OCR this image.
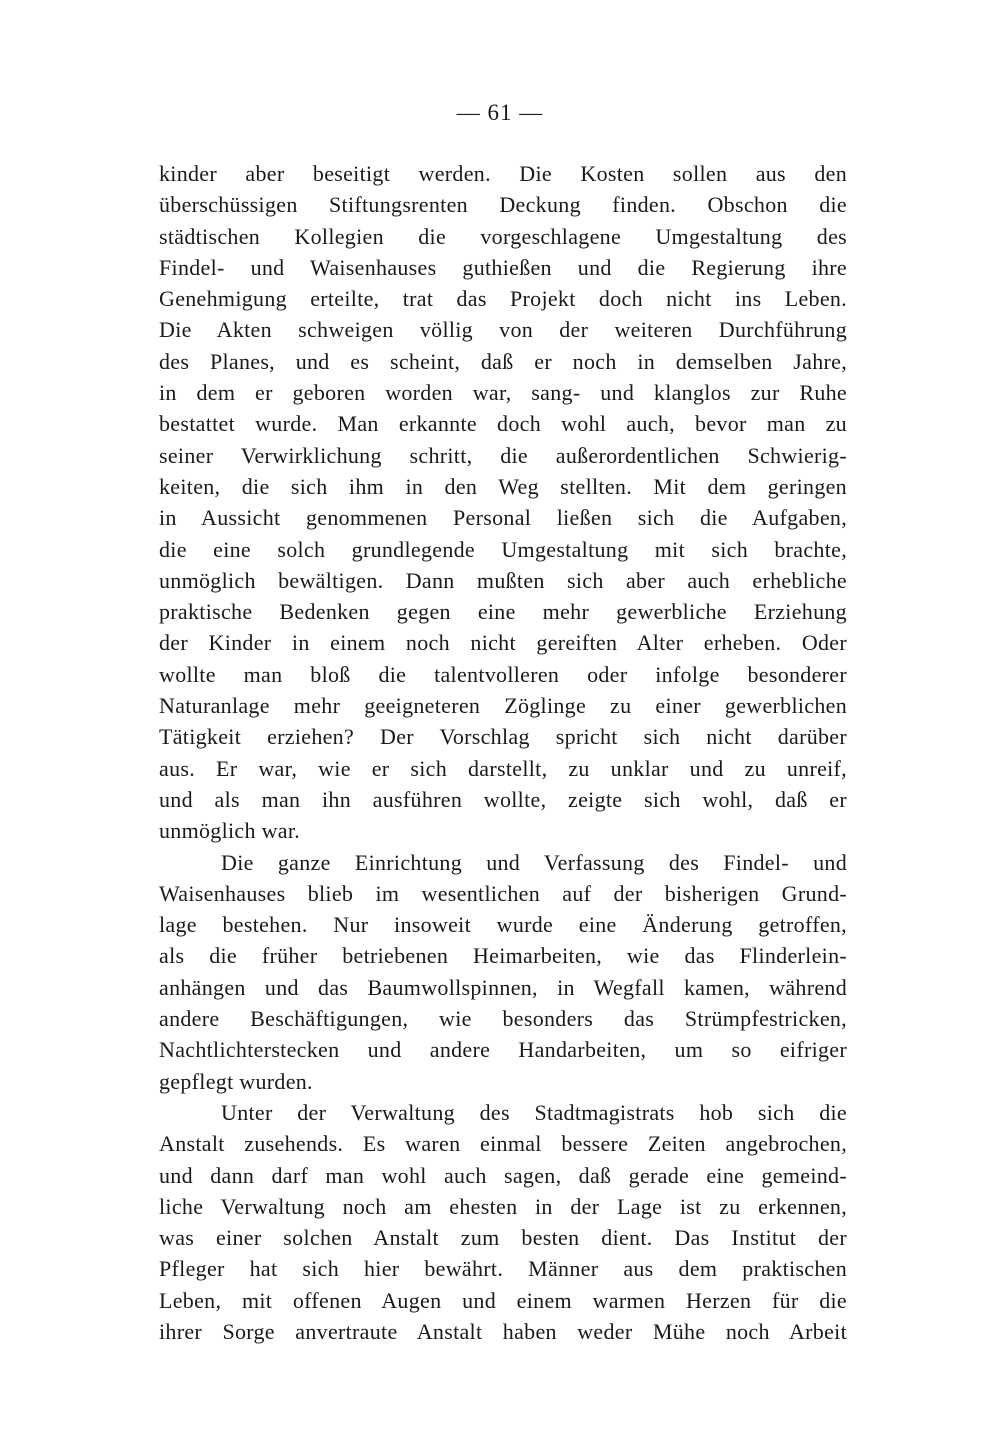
— 61 —
kinder aber beseitigt werden. Die Kosten sollen aus den
überschüssigen Stiftungsrenten Deckung finden. Obschon die
städtischen Kollegien die vorgeschlagene Umgestaltung des
Findel- und Waisenhauses guthießen und die Regierung ihre
Genehmigung erteilte, trat das Projekt doch nicht ins Leben.
Die Akten schweigen völlig von der weiteren Durchführung
des Planes, und es scheint, daß er noch in demselben Jahre,
in dem er geboren worden war, sang- und klanglos zur Ruhe
bestattet wurde. Man erkannte doch wohl auch, bevor man zu
seiner Verwirklichung schritt, die außerordentlichen Schwierig-
keiten, die sich ihm in den Weg stellten. Mit dem geringen
in Aussicht genommenen Personal ließen sich die Aufgaben,
die eine solch grundlegende Umgestaltung mit sich brachte,
unmöglich bewältigen. Dann mußten sich aber auch erhebliche
praktische Bedenken gegen eine mehr gewerbliche Erziehung
der Kinder in einem noch nicht gereiften Alter erheben. Oder
wollte man bloß die talentvolleren oder infolge besonderer
Naturanlage mehr geeigneteren Zöglinge zu einer gewerblichen
Tätigkeit erziehen? Der Vorschlag spricht sich nicht darüber
aus. Er war, wie er sich darstellt, zu unklar und zu unreif,
und als man ihn ausführen wollte, zeigte sich wohl, daß er
unmöglich war.
Die ganze Einrichtung und Verfassung des Findel- und
Waisenhauses blieb im wesentlichen auf der bisherigen Grund-
lage bestehen. Nur insoweit wurde eine Änderung getroffen,
als die früher betriebenen Heimarbeiten, wie das Flinderlein-
anhängen und das Baumwollspinnen, in Wegfall kamen, während
andere Beschäftigungen, wie besonders das Strümpfestricken,
Nachtlichterstecken und andere Handarbeiten, um so eifriger
gepflegt wurden.
Unter der Verwaltung des Stadtmagistrats hob sich die
Anstalt zusehends. Es waren einmal bessere Zeiten angebrochen,
und dann darf man wohl auch sagen, daß gerade eine gemeind-
liche Verwaltung noch am ehesten in der Lage ist zu erkennen,
was einer solchen Anstalt zum besten dient. Das Institut der
Pfleger hat sich hier bewährt. Männer aus dem praktischen
Leben, mit offenen Augen und einem warmen Herzen für die
ihrer Sorge anvertraute Anstalt haben weder Mühe noch Arbeit
